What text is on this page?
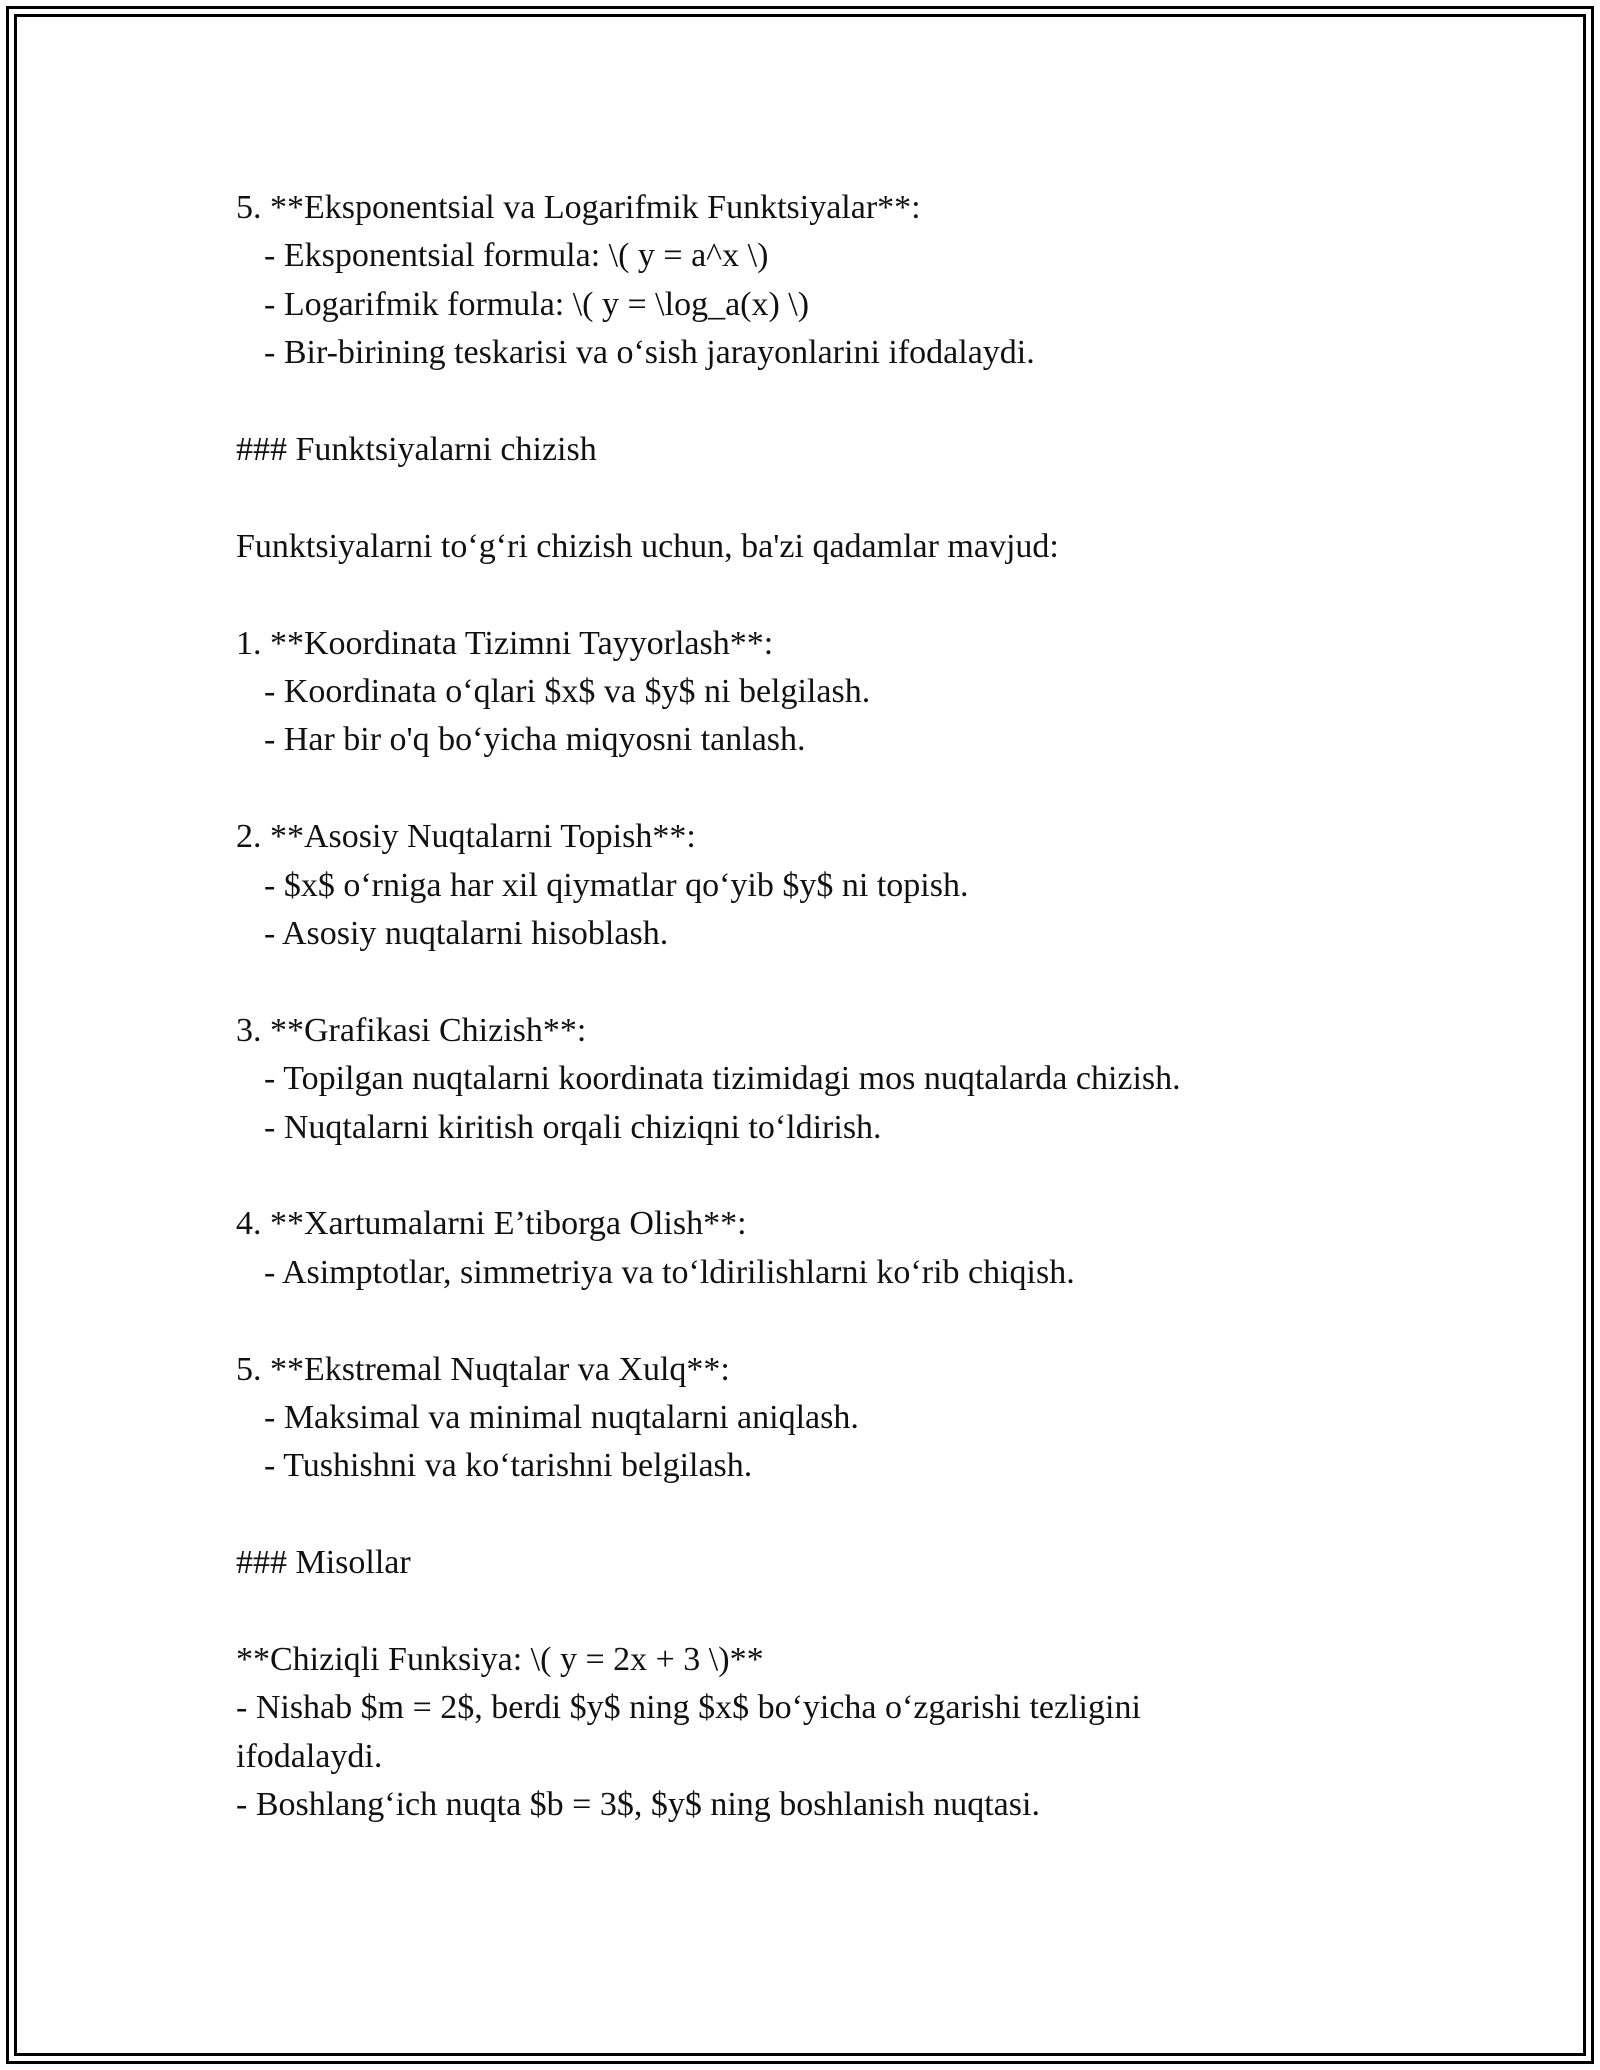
5. **Eksponentsial va Logarifmik Funktsiyalar**:
- Eksponentsial formula: \( y = a^x \)
- Logarifmik formula: \( y = \log_a(x) \)
- Bir-birining teskarisi va o‘sish jarayonlarini ifodalaydi.
### Funktsiyalarni chizish
Funktsiyalarni to‘g‘ri chizish uchun, ba'zi qadamlar mavjud:
1. **Koordinata Tizimni Tayyorlash**:
- Koordinata o‘qlari $x$ va $y$ ni belgilash.
- Har bir o'q bo‘yicha miqyosni tanlash.
2. **Asosiy Nuqtalarni Topish**:
- $x$ o‘rniga har xil qiymatlar qo‘yib $y$ ni topish.
- Asosiy nuqtalarni hisoblash.
3. **Grafikasi Chizish**:
- Topilgan nuqtalarni koordinata tizimidagi mos nuqtalarda chizish.
- Nuqtalarni kiritish orqali chiziqni to‘ldirish.
4. **Xartumalarni E’tiborga Olish**:
- Asimptotlar, simmetriya va to‘ldirilishlarni ko‘rib chiqish.
5. **Ekstremal Nuqtalar va Xulq**:
- Maksimal va minimal nuqtalarni aniqlash.
- Tushishni va ko‘tarishni belgilash.
### Misollar
**Chiziqli Funksiya: \( y = 2x + 3 \)**
- Nishab $m = 2$, berdi $y$ ning $x$ bo‘yicha o‘zgarishi tezligini
ifodalaydi.
- Boshlang‘ich nuqta $b = 3$, $y$ ning boshlanish nuqtasi.
